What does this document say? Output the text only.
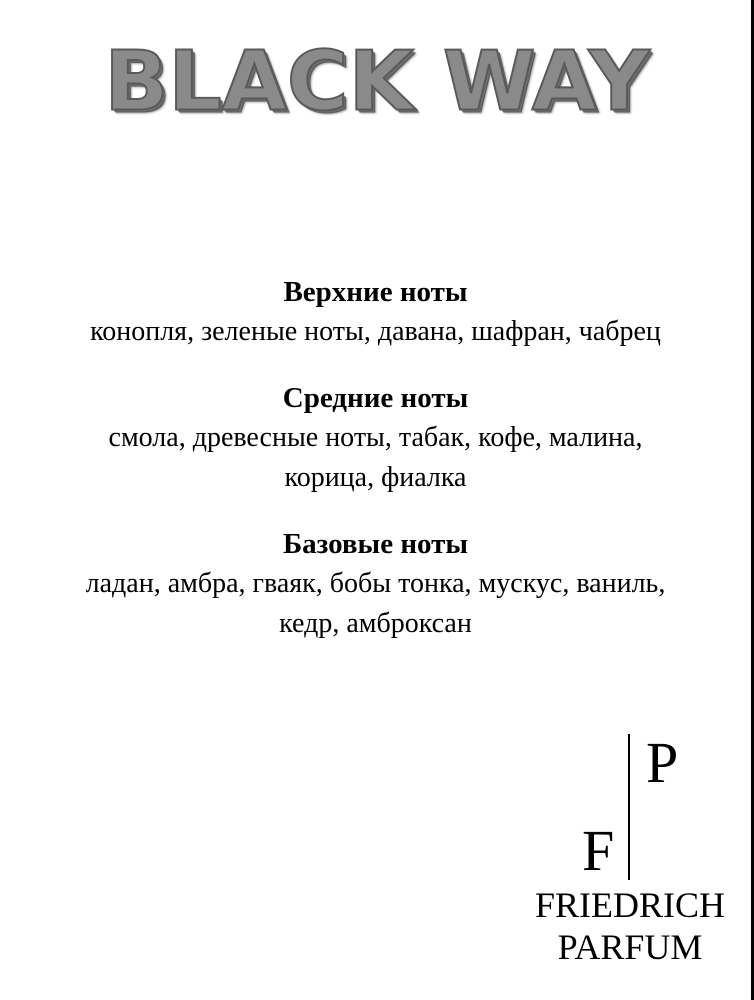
BLACK WAY
Верхние ноты
конопля, зеленые ноты, давана, шафран, чабрец
Средние ноты
смола, древесные ноты, табак, кофе, малина,
корица, фиалка
Базовые ноты
ладан, амбра, гваяк, бобы тонка, мускус, ваниль,
кедр, амброксан
P
F
FRIEDRICH
PARFUM
